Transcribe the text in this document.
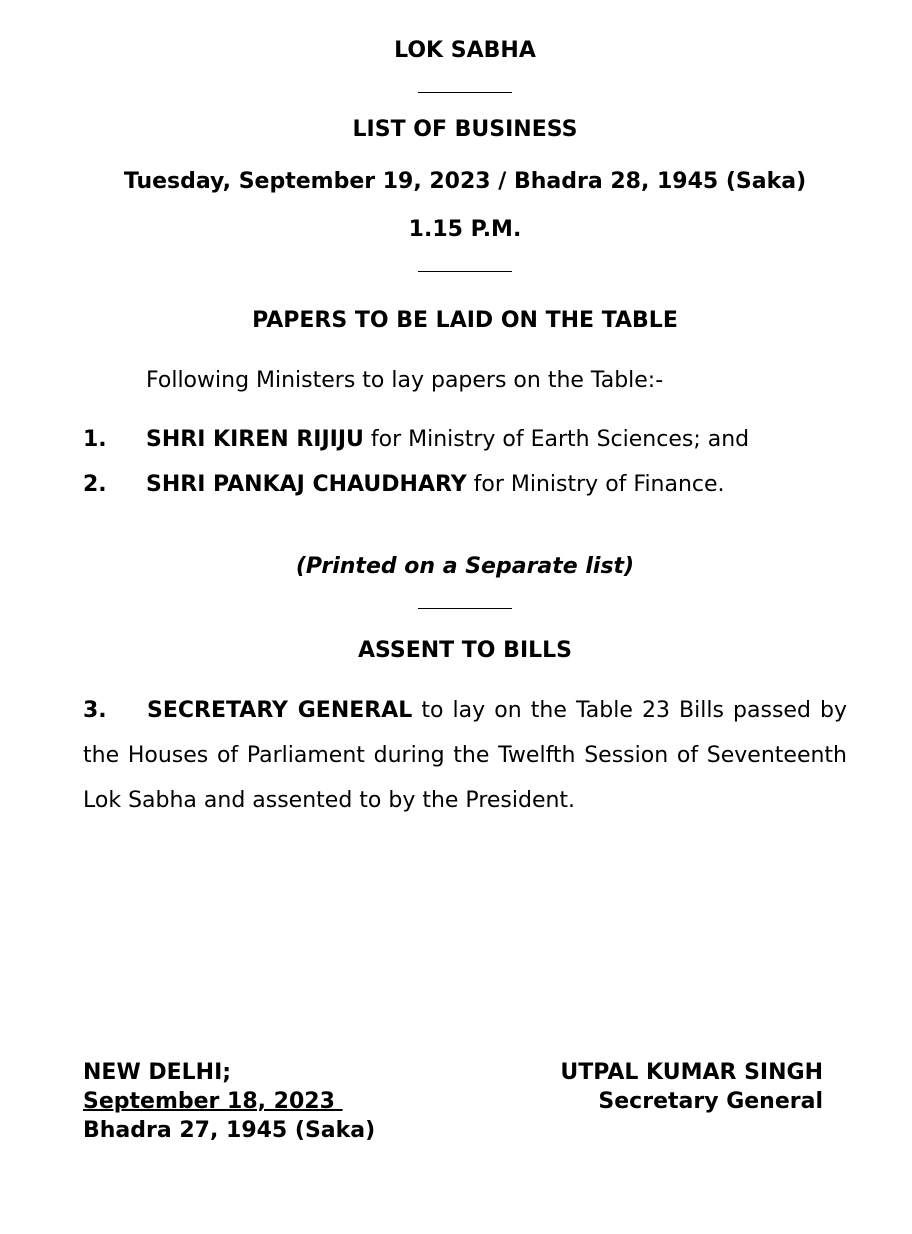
LOK SABHA
LIST OF BUSINESS
Tuesday, September 19, 2023 / Bhadra 28, 1945 (Saka)
1.15 P.M.
PAPERS TO BE LAID ON THE TABLE
Following Ministers to lay papers on the Table:-
1. SHRI KIREN RIJIJU for Ministry of Earth Sciences; and
2. SHRI PANKAJ CHAUDHARY for Ministry of Finance.
(Printed on a Separate list)
ASSENT TO BILLS

3. SECRETARY GENERAL to lay on the Table 23 Bills passed by the Houses of Parliament during the Twelfth Session of Seventeenth Lok Sabha and assented to by the President.

NEW DELHI;
September 18, 2023
Bhadra 27, 1945 (Saka)
UTPAL KUMAR SINGH
Secretary General
